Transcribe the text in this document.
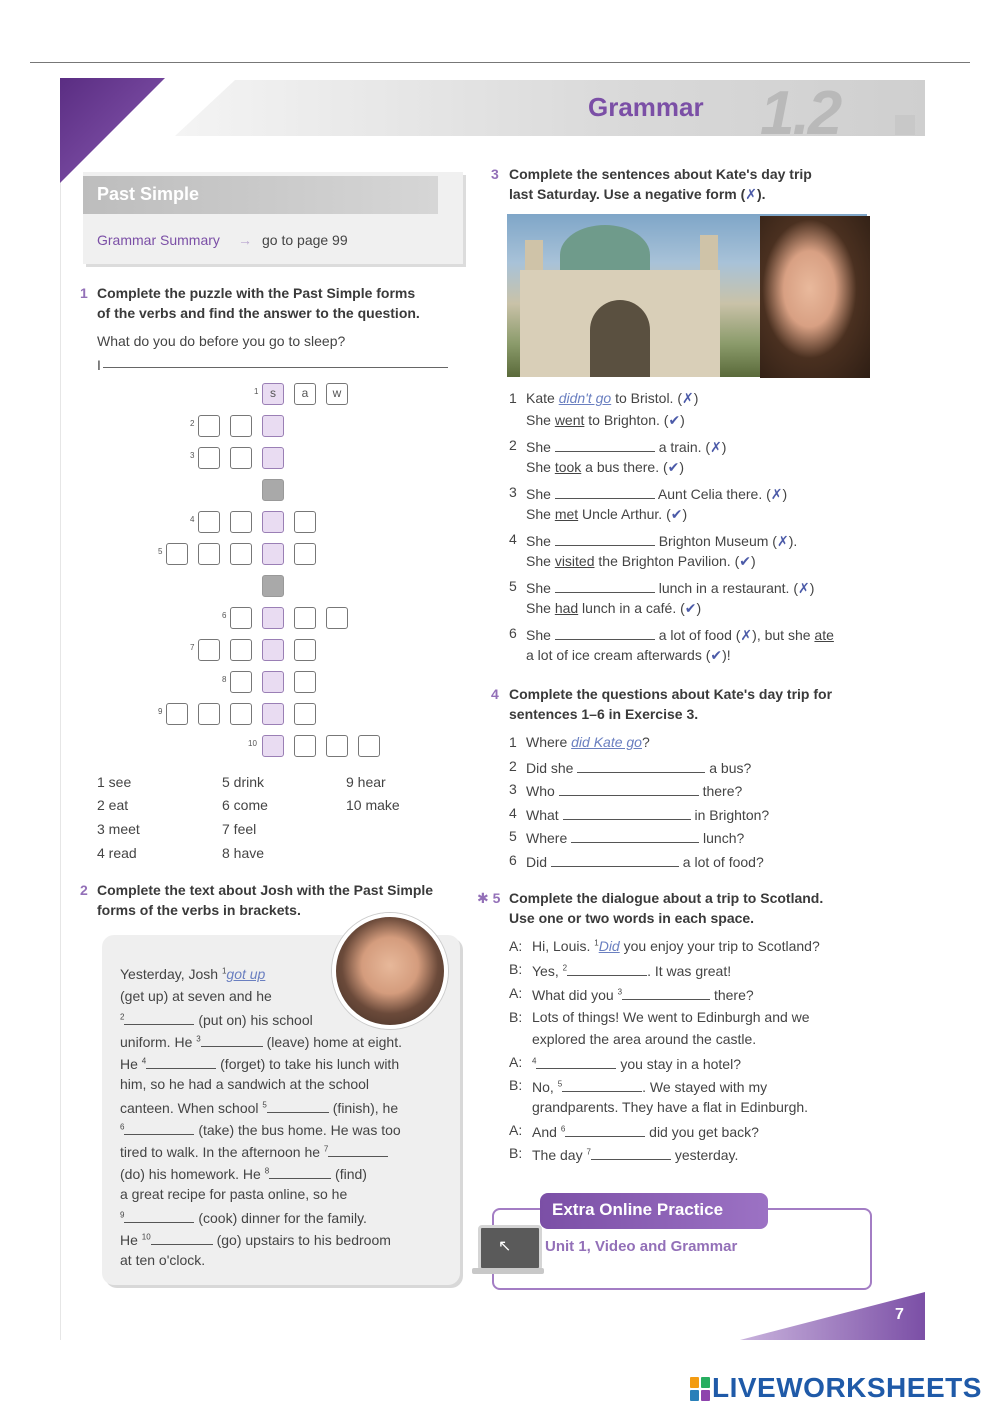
Grammar 1.2
Past Simple
Grammar Summary → go to page 99
1 Complete the puzzle with the Past Simple forms
of the verbs and find the answer to the question.
What do you do before you go to sleep?
I
1 s	a	w
2
3
4
5
6
7
8
9
10
1 see
2 eat
3 meet
4 read
5 drink
6 come
7 feel
8 have
9 hear
10 make
2 Complete the text about Josh with the Past Simple
forms of the verbs in brackets.
Yesterday, Josh $^1$got up
(get up) at seven and he
$^2$	(put on) his school
uniform. He $^3$	(leave) home at eight.
He $^4$	(forget) to take his lunch with
him, so he had a sandwich at the school
canteen. When school $^5$	(finish), he
$^6$	(take) the bus home. He was too
tired to walk. In the afternoon he $^7$
(do) his homework. He $^8$	(find)
a great recipe for pasta online, so he
$^9$	(cook) dinner for the family.
He $^{10}$	(go) upstairs to his bedroom
at ten o'clock.
3 Complete the sentences about Kate's day trip
last Saturday. Use a negative form (✗).
1 Kate didn't go to Bristol. (✗)
She went to Brighton. (✔)
2 She	a train. (✗)
She took a bus there. (✔)
3 She	Aunt Celia there. (✗)
She met Uncle Arthur. (✔)
4 She	Brighton Museum (✗).
She visited the Brighton Pavilion. (✔)
5 She	lunch in a restaurant. (✗)
She had lunch in a café. (✔)
6 She	a lot of food (✗), but she ate
a lot of ice cream afterwards (✔)!
4 Complete the questions about Kate's day trip for
sentences 1–6 in Exercise 3.
1 Where did Kate go?
2 Did she	a bus?
3 Who	there?
4 What	in Brighton?
5 Where	lunch?
6 Did	a lot of food?
✱ 5 Complete the dialogue about a trip to Scotland.
Use one or two words in each space.
A: Hi, Louis. $^1$Did you enjoy your trip to Scotland?
B: Yes, $^2$	. It was great!
A: What did you $^3$	there?
B: Lots of things! We went to Edinburgh and we
explored the area around the castle.
A: $^4$	you stay in a hotel?
B: No, $^5$	. We stayed with my
grandparents. They have a flat in Edinburgh.
A: And $^6$	did you get back?
B: The day $^7$	yesterday.
Extra Online Practice
Unit 1, Video and Grammar
↖
7
LIVEWORKSHEETS
